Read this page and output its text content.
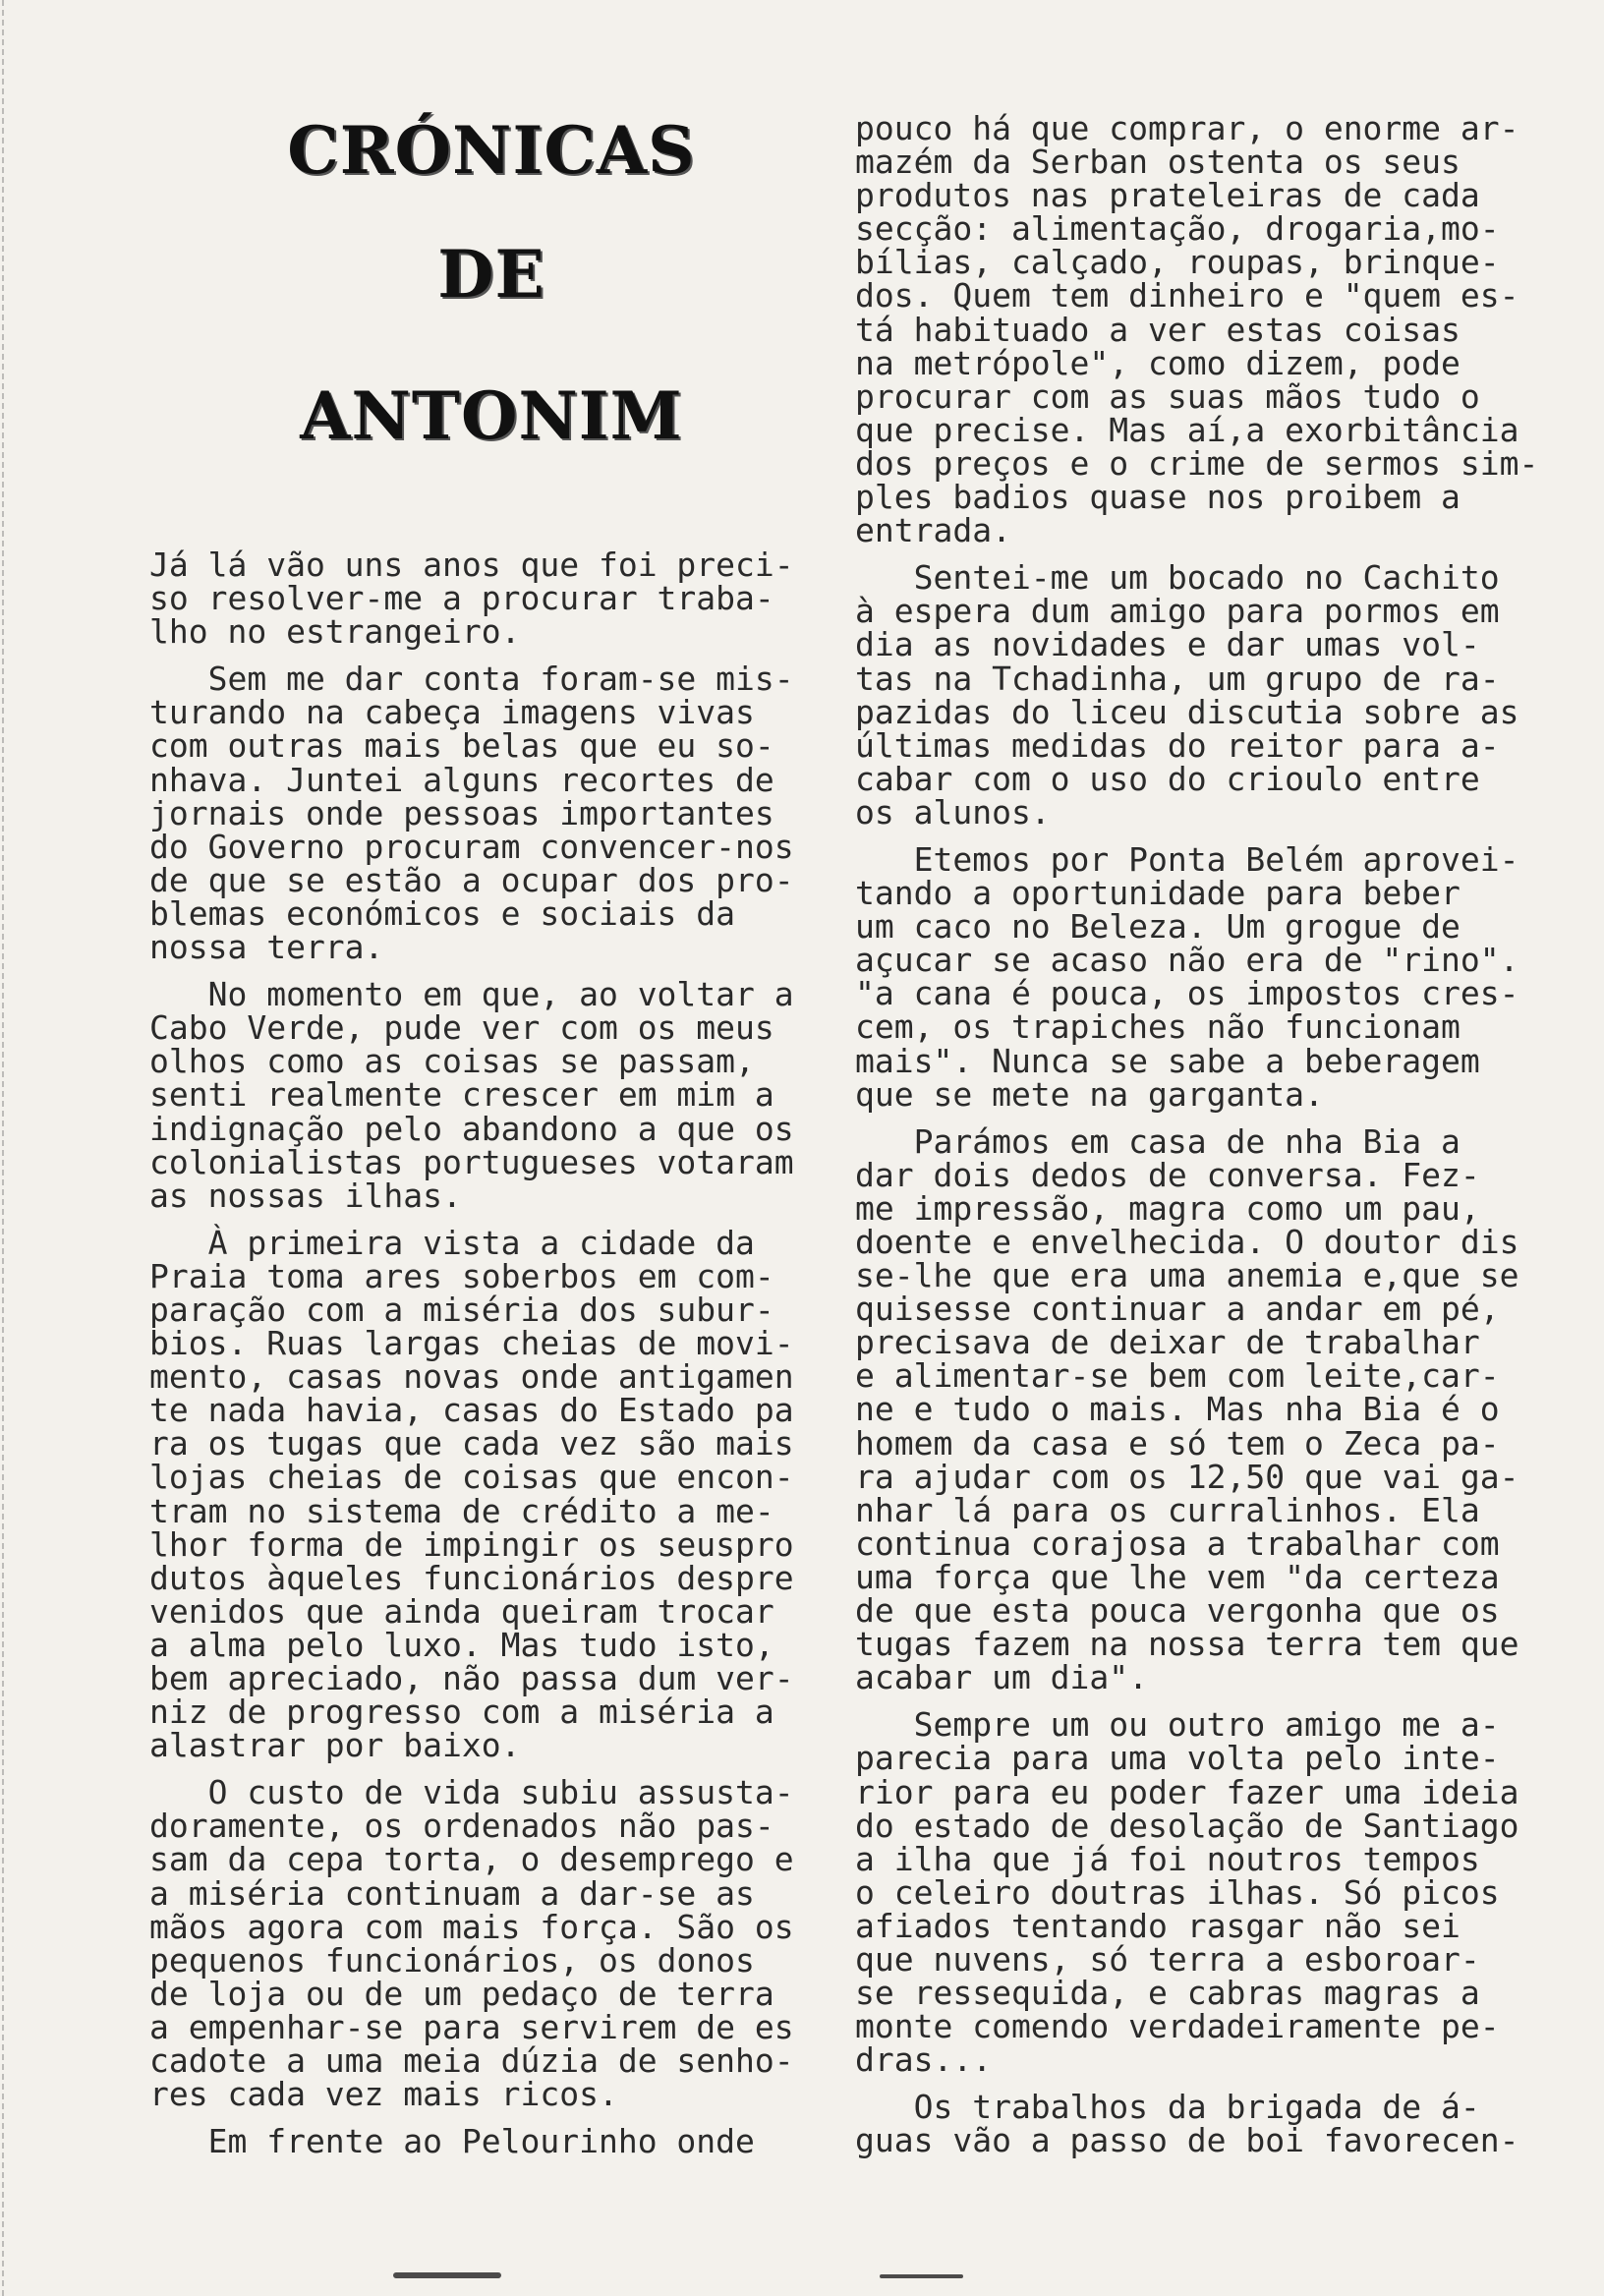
CRÓNICAS
DE
ANTONIM

Já lá vão uns anos que foi preci-
so resolver-me a procurar traba-
lho no estrangeiro.

Sem me dar conta foram-se mis-
turando na cabeça imagens vivas
com outras mais belas que eu so-
nhava. Juntei alguns recortes de
jornais onde pessoas importantes
do Governo procuram convencer-nos
de que se estão a ocupar dos pro-
blemas económicos e sociais da
nossa terra.

No momento em que, ao voltar a
Cabo Verde, pude ver com os meus
olhos como as coisas se passam,
senti realmente crescer em mim a
indignação pelo abandono a que os
colonialistas portugueses votaram
as nossas ilhas.

À primeira vista a cidade da
Praia toma ares soberbos em com-
paração com a miséria dos subur-
bios. Ruas largas cheias de movi-
mento, casas novas onde antigamen
te nada havia, casas do Estado pa
ra os tugas que cada vez são mais
lojas cheias de coisas que encon-
tram no sistema de crédito a me-
lhor forma de impingir os seuspro
dutos àqueles funcionários despre
venidos que ainda queiram trocar
a alma pelo luxo. Mas tudo isto,
bem apreciado, não passa dum ver-
niz de progresso com a miséria a
alastrar por baixo.

O custo de vida subiu assusta-
doramente, os ordenados não pas-
sam da cepa torta, o desemprego e
a miséria continuam a dar-se as
mãos agora com mais força. São os
pequenos funcionários, os donos
de loja ou de um pedaço de terra
a empenhar-se para servirem de es
cadote a uma meia dúzia de senho-
res cada vez mais ricos.

Em frente ao Pelourinho onde

pouco há que comprar, o enorme ar-
mazém da Serban ostenta os seus
produtos nas prateleiras de cada
secção: alimentação, drogaria,mo-
bílias, calçado, roupas, brinque-
dos. Quem tem dinheiro e "quem es-
tá habituado a ver estas coisas
na metrópole", como dizem, pode
procurar com as suas mãos tudo o
que precise. Mas aí,a exorbitância
dos preços e o crime de sermos sim-
ples badios quase nos proibem a
entrada.

Sentei-me um bocado no Cachito
à espera dum amigo para pormos em
dia as novidades e dar umas vol-
tas na Tchadinha, um grupo de ra-
pazidas do liceu discutia sobre as
últimas medidas do reitor para a-
cabar com o uso do crioulo entre
os alunos.

Etemos por Ponta Belém aprovei-
tando a oportunidade para beber
um caco no Beleza. Um grogue de
açucar se acaso não era de "rino".
"a cana é pouca, os impostos cres-
cem, os trapiches não funcionam
mais". Nunca se sabe a beberagem
que se mete na garganta.

Parámos em casa de nha Bia a
dar dois dedos de conversa. Fez-
me impressão, magra como um pau,
doente e envelhecida. O doutor dis
se-lhe que era uma anemia e,que se
quisesse continuar a andar em pé,
precisava de deixar de trabalhar
e alimentar-se bem com leite,car-
ne e tudo o mais. Mas nha Bia é o
homem da casa e só tem o Zeca pa-
ra ajudar com os 12,50 que vai ga-
nhar lá para os curralinhos. Ela
continua corajosa a trabalhar com
uma força que lhe vem "da certeza
de que esta pouca vergonha que os
tugas fazem na nossa terra tem que
acabar um dia".

Sempre um ou outro amigo me a-
parecia para uma volta pelo inte-
rior para eu poder fazer uma ideia
do estado de desolação de Santiago
a ilha que já foi noutros tempos
o celeiro doutras ilhas. Só picos
afiados tentando rasgar não sei
que nuvens, só terra a esboroar-
se ressequida, e cabras magras a
monte comendo verdadeiramente pe-
dras...

Os trabalhos da brigada de á-
guas vão a passo de boi favorecen-
